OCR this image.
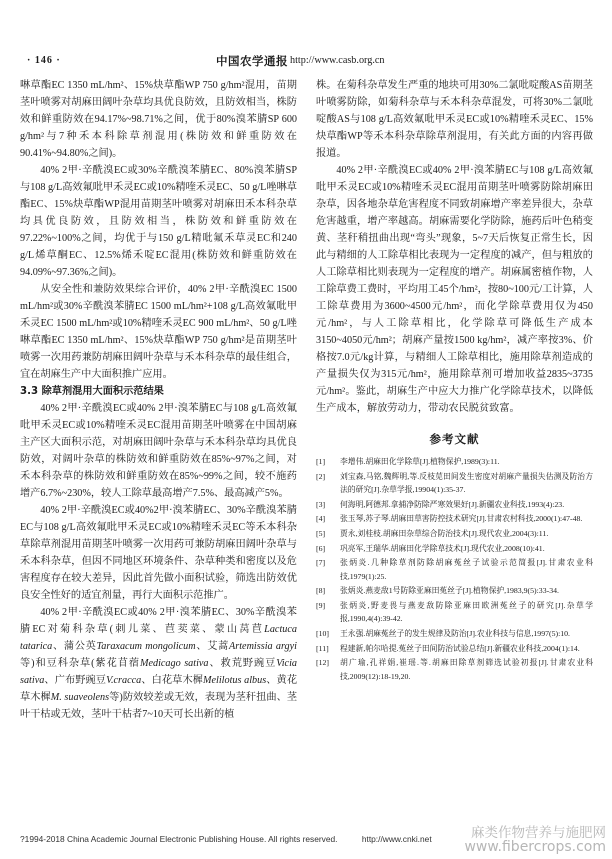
· 146 ·	中国农学通报 http://www.casb.org.cn

啉草酯EC 1350 mL/hm²、15%炔草酯WP 750 g/hm²混用，苗期茎叶喷雾对胡麻田阔叶杂草均具优良防效，且防效相当，株防效和鲜重防效在94.17%~98.71%之间，优于80%溴苯腈SP 600 g/hm²与7种禾本科除草剂混用(株防效和鲜重防效在90.41%~94.80%之间)。

40% 2甲·辛酰溴EC或30%辛酰溴苯腈EC、80%溴苯腈SP与108 g/L高效氟吡甲禾灵EC或10%精喹禾灵EC、50 g/L唑啉草酯EC、15%炔草酯WP混用苗期茎叶喷雾对胡麻田禾本科杂草均具优良防效，且防效相当，株防效和鲜重防效在97.22%~100%之间，均优于与150 g/L精吡氟禾草灵EC和240 g/L烯草酮EC、12.5%烯禾啶EC混用(株防效和鲜重防效在94.09%~97.36%之间)。

从安全性和兼防效果综合评价，40% 2甲·辛酰溴EC 1500 mL/hm²或30%辛酰溴苯腈EC 1500 mL/hm²+108 g/L高效氟吡甲禾灵EC 1500 mL/hm²或10%精喹禾灵EC 900 mL/hm²、50 g/L唑啉草酯EC 1350 mL/hm²、15%炔草酯WP 750 g/hm²是苗期茎叶喷雾一次用药兼防胡麻田阔叶杂草与禾本科杂草的最佳组合，宜在胡麻生产中大面积推广应用。

3.3 除草剂混用大面积示范结果

40% 2甲·辛酰溴EC或40% 2甲·溴苯腈EC与108 g/L高效氟吡甲禾灵EC或10%精喹禾灵EC混用苗期茎叶喷雾在中国胡麻主产区大面积示范，对胡麻田阔叶杂草与禾本科杂草均具优良防效，对阔叶杂草的株防效和鲜重防效在85%~97%之间，对禾本科杂草的株防效和鲜重防效在85%~99%之间，较不施药增产6.7%~230%，较人工除草最高增产7.5%、最高减产5%。

40% 2甲·辛酰溴EC或40%2甲·溴苯腈EC、30%辛酰溴苯腈EC与108 g/L高效氟吡甲禾灵EC或10%精喹禾灵EC等禾本科杂草除草剂混用苗期茎叶喷雾一次用药可兼防胡麻田阔叶杂草与禾本科杂草，但因不同地区环境条件、杂草种类和密度以及危害程度存在较大差异，因此首先做小面积试验，筛选出防效优良安全性好的适宜剂量，再行大面积示范推广。

40% 2甲·辛酰溴EC或40% 2甲·溴苯腈EC、30%辛酰溴苯腈EC对菊科杂草(刺儿菜、苣荬菜、蒙山莴苣Lactuca tatarica、蒲公英Taraxacum mongolicum、艾蒿Artemissia argyi等)和豆科杂草(紫花苜蓿Medicago sativa、救荒野豌豆Vicia sativa、广布野豌豆V.cracca、白花草木樨Melilotus albus、黄花草木樨M. suaveolens等)防效较差或无效，表现为茎秆扭曲、茎叶干枯或无效，茎叶干枯者7~10天可长出新的植

株。在菊科杂草发生严重的地块可用30%二氯吡啶酸AS苗期茎叶喷雾防除，如菊科杂草与禾本科杂草混发，可将30%二氯吡啶酸AS与108 g/L高效氟吡甲禾灵EC或10%精喹禾灵EC、15%炔草酯WP等禾本科杂草除草剂混用，有关此方面的内容再做报道。

40% 2甲·辛酰溴EC或40% 2甲·溴苯腈EC与108 g/L高效氟吡甲禾灵EC或10%精喹禾灵EC混用苗期茎叶喷雾防除胡麻田杂草，因各地杂草危害程度不同致胡麻增产率差异很大，杂草危害越重，增产率越高。胡麻需要化学防除，施药后叶色稍变黄、茎秆稍扭曲出现“弯头”现象，5~7天后恢复正常生长，因此与精细的人工除草相比表现为一定程度的减产，但与粗放的人工除草相比则表现为一定程度的增产。胡麻属密植作物，人工除草费工费时，平均用工45个/hm²，按80~100元/工计算，人工除草费用为3600~4500元/hm²，而化学除草费用仅为450元/hm²，与人工除草相比，化学除草可降低生产成本3150~4050元/hm²；胡麻产量按1500 kg/hm²，减产率按3%、价格按7.0元/kg计算，与精细人工除草相比，施用除草剂造成的产量损失仅为315元/hm²，施用除草剂可增加收益2835~3735元/hm²。鉴此，胡麻生产中应大力推广化学除草技术，以降低生产成本，解放劳动力，带动农民脱贫致富。

参考文献
[1]	李增伟.胡麻田化学除草[J].植物保护,1989(3):11.
[2]	刘宝森,马铭,魏辉明,等.反枝苋田间发生密度对胡麻产量损失估测及防治方法的研究[J].杂草学报,19904(1):35-37.
[3]	何海明,阿德邦.拿捕净防除严寒效果好[J].新疆农业科技,1993(4):23.
[4]	张玉琴,苏子琴.胡麻田草害防控技术研究[J].甘肃农村科技,2000(1):47-48.
[5]	贾永,刘桂枝.胡麻田杂草综合防治技术[J].现代农业,2004(3):11.
[6]	巩亮军,王瑞华.胡麻田化学除草技术[J].现代农业,2008(10):41.
[7]	张炳炎.几种除草剂防除胡麻菟丝子试验示范简报[J].甘肃农业科技,1979(1):25.
[8]	张炳炎.燕麦敌1号防除亚麻田菟丝子[J].植物保护,1983,9(5):33-34.
[9]	张炳炎,野麦畏与燕麦敌防除亚麻田欧洲菟丝子的研究[J].杂草学报,1990,4(4):39-42.
[10]	王永强.胡麻菟丝子的发生规律及防治[J].农业科技与信息,1997(5):10.
[11]	程建新,帕尔哈提.菟丝子田间防治试验总结[J].新疆农业科技,2004(1):14.
[12]	胡广瑜,孔祥娟,崔瑶.等.胡麻田除草剂筛选试验初报[J].甘肃农业科技,2009(12):18-19,20.
?1994-2018 China Academic Journal Electronic Publishing House. All rights reserved.	http://www.cnki.net	麻类作物营养与施肥网
www.fibercrops.com
